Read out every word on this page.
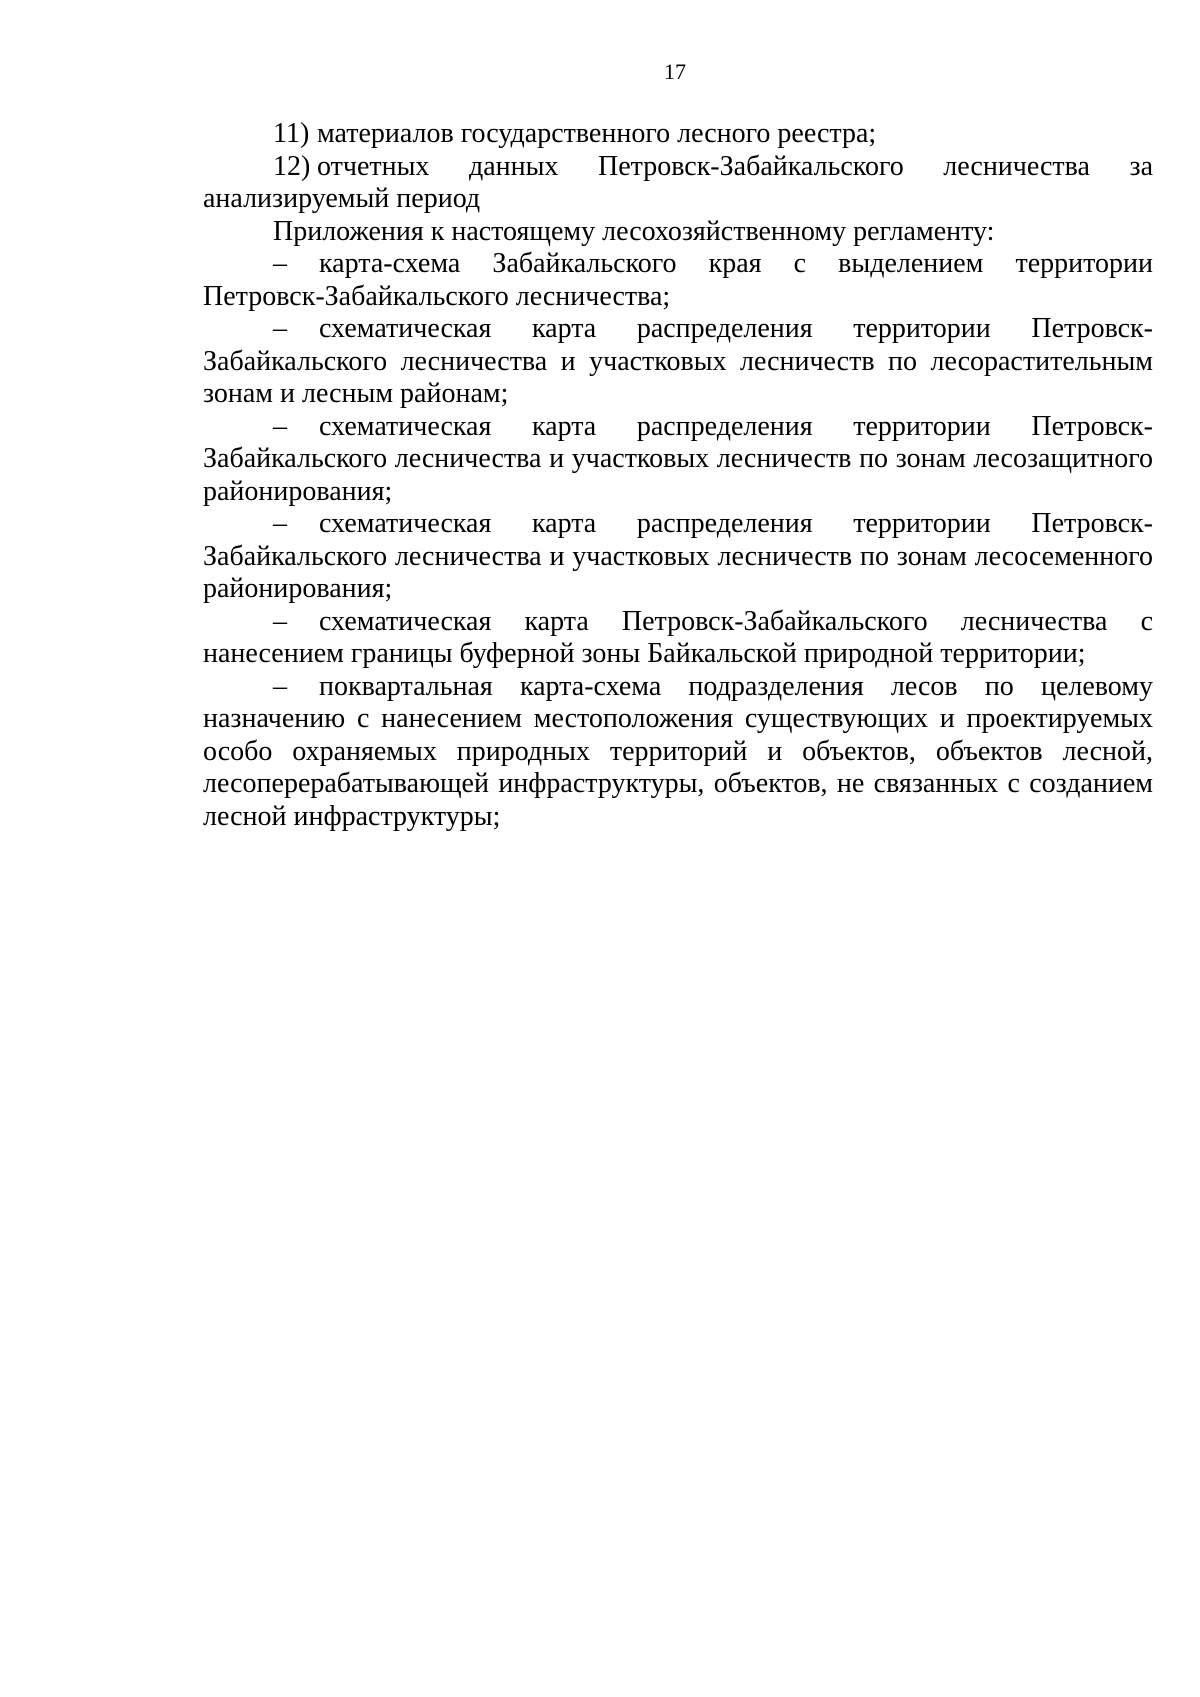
17

11) материалов государственного лесного реестра;

12) отчетных данных Петровск-Забайкальского лесничества за анализируемый период

Приложения к настоящему лесохозяйственному регламенту:

– карта-схема Забайкальского края с выделением территории Петровск-Забайкальского лесничества;

– схематическая карта распределения территории Петровск-Забайкальского лесничества и участковых лесничеств по лесорастительным зонам и лесным районам;

– схематическая карта распределения территории Петровск-Забайкальского лесничества и участковых лесничеств по зонам лесозащитного районирования;

– схематическая карта распределения территории Петровск-Забайкальского лесничества и участковых лесничеств по зонам лесосеменного районирования;

– схематическая карта Петровск-Забайкальского лесничества с нанесением границы буферной зоны Байкальской природной территории;

– поквартальная карта-схема подразделения лесов по целевому назначению с нанесением местоположения существующих и проектируемых особо охраняемых природных территорий и объектов, объектов лесной, лесоперерабатывающей инфраструктуры, объектов, не связанных с созданием лесной инфраструктуры;
